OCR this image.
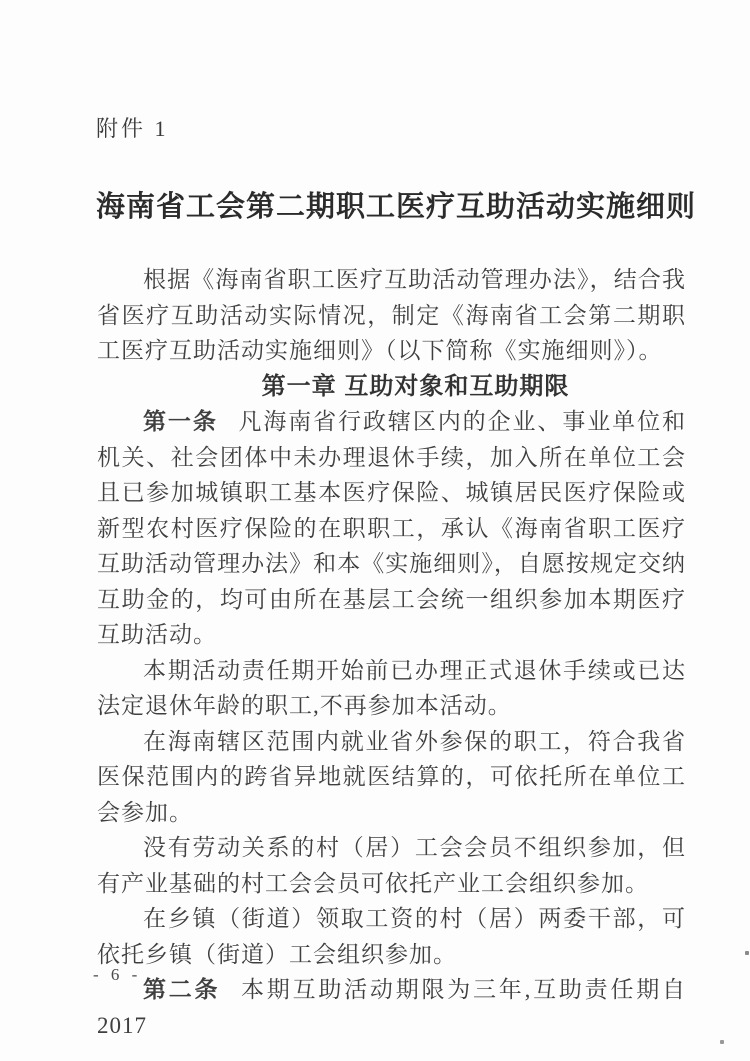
附件 1
海南省工会第二期职工医疗互助活动实施细则

根据《海南省职工医疗互助活动管理办法》，结合我省医疗互助活动实际情况，制定《海南省工会第二期职工医疗互助活动实施细则》（以下简称《实施细则》）。

第一章 互助对象和互助期限

第一条 凡海南省行政辖区内的企业、事业单位和机关、社会团体中未办理退休手续，加入所在单位工会且已参加城镇职工基本医疗保险、城镇居民医疗保险或新型农村医疗保险的在职职工，承认《海南省职工医疗互助活动管理办法》和本《实施细则》，自愿按规定交纳互助金的，均可由所在基层工会统一组织参加本期医疗互助活动。

本期活动责任期开始前已办理正式退休手续或已达法定退休年龄的职工,不再参加本活动。

在海南辖区范围内就业省外参保的职工，符合我省医保范围内的跨省异地就医结算的，可依托所在单位工会参加。

没有劳动关系的村（居）工会会员不组织参加，但有产业基础的村工会会员可依托产业工会组织参加。

在乡镇（街道）领取工资的村（居）两委干部，可依托乡镇（街道）工会组织参加。

第二条 本期互助活动期限为三年,互助责任期自 2017

- 6 -
